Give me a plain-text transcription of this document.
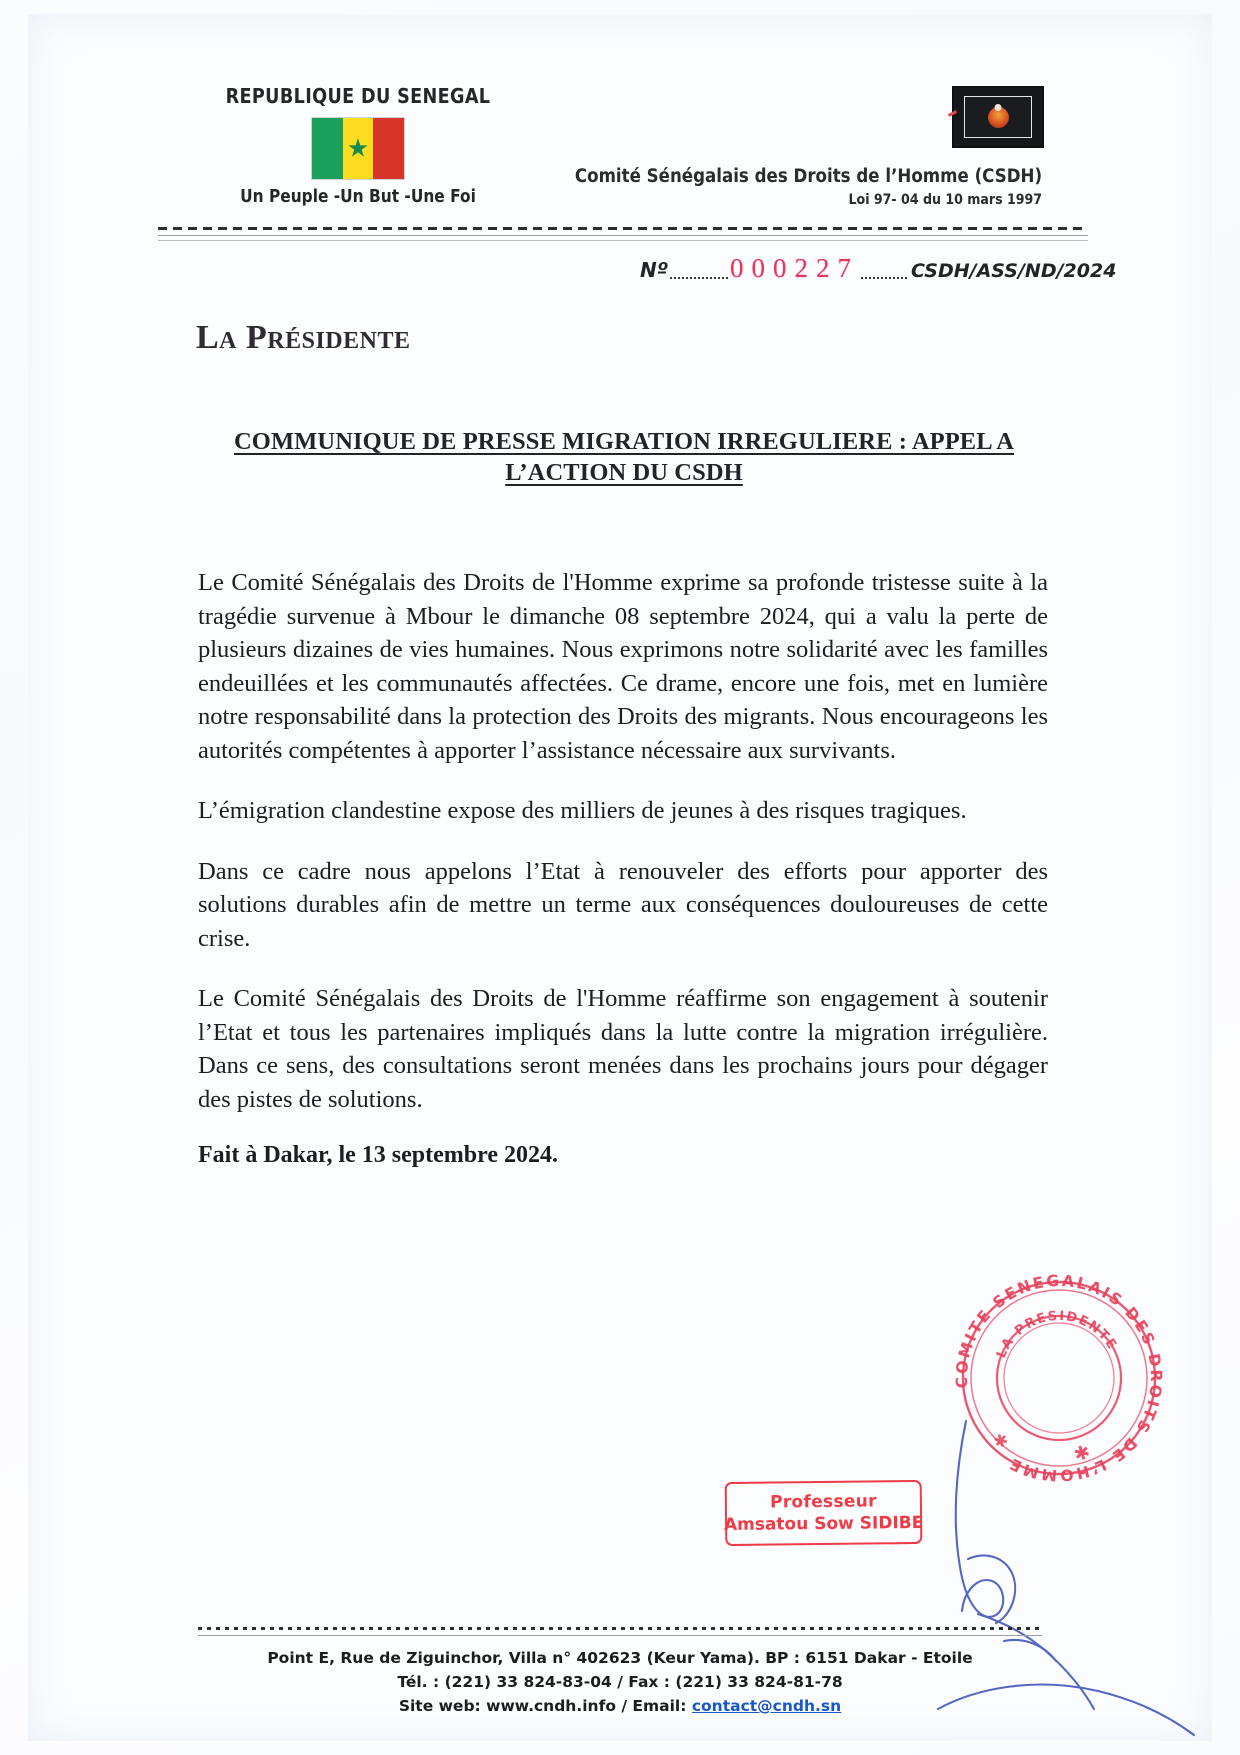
REPUBLIQUE DU SENEGAL
★
Un Peuple -Un But -Une Foi
Comité Sénégalais des Droits de l’Homme (CSDH)
Loi 97- 04 du 10 mars 1997
Nº 000227	CSDH/ASS/ND/2024
La Présidente
COMMUNIQUE DE PRESSE MIGRATION IRREGULIERE : APPEL A
L’ACTION DU CSDH

Le Comité Sénégalais des Droits de l'Homme exprime sa profonde tristesse suite à la tragédie survenue à Mbour le dimanche 08 septembre 2024, qui a valu la perte de plusieurs dizaines de vies humaines. Nous exprimons notre solidarité avec les familles endeuillées et les communautés affectées. Ce drame, encore une fois, met en lumière notre responsabilité dans la protection des Droits des migrants. Nous encourageons les autorités compétentes à apporter l’assistance nécessaire aux survivants.

L’émigration clandestine expose des milliers de jeunes à des risques tragiques.

Dans ce cadre nous appelons l’Etat à renouveler des efforts pour apporter des solutions durables afin de mettre un terme aux conséquences douloureuses de cette crise.

Le Comité Sénégalais des Droits de l'Homme réaffirme son engagement à soutenir l’Etat et tous les partenaires impliqués dans la lutte contre la migration irrégulière. Dans ce sens, des consultations seront menées dans les prochains jours pour dégager des pistes de solutions.

Fait à Dakar, le 13 septembre 2024.
COMITE SENEGALAIS DES DROITS DE L’HOMME
LA PRESIDENTE
✱
✱
Professeur
Amsatou Sow SIDIBE
Point E, Rue de Ziguinchor, Villa n° 402623 (Keur Yama). BP : 6151 Dakar - Etoile
Tél. : (221) 33 824-83-04 / Fax : (221) 33 824-81-78
Site web: www.cndh.info / Email: contact@cndh.sn
